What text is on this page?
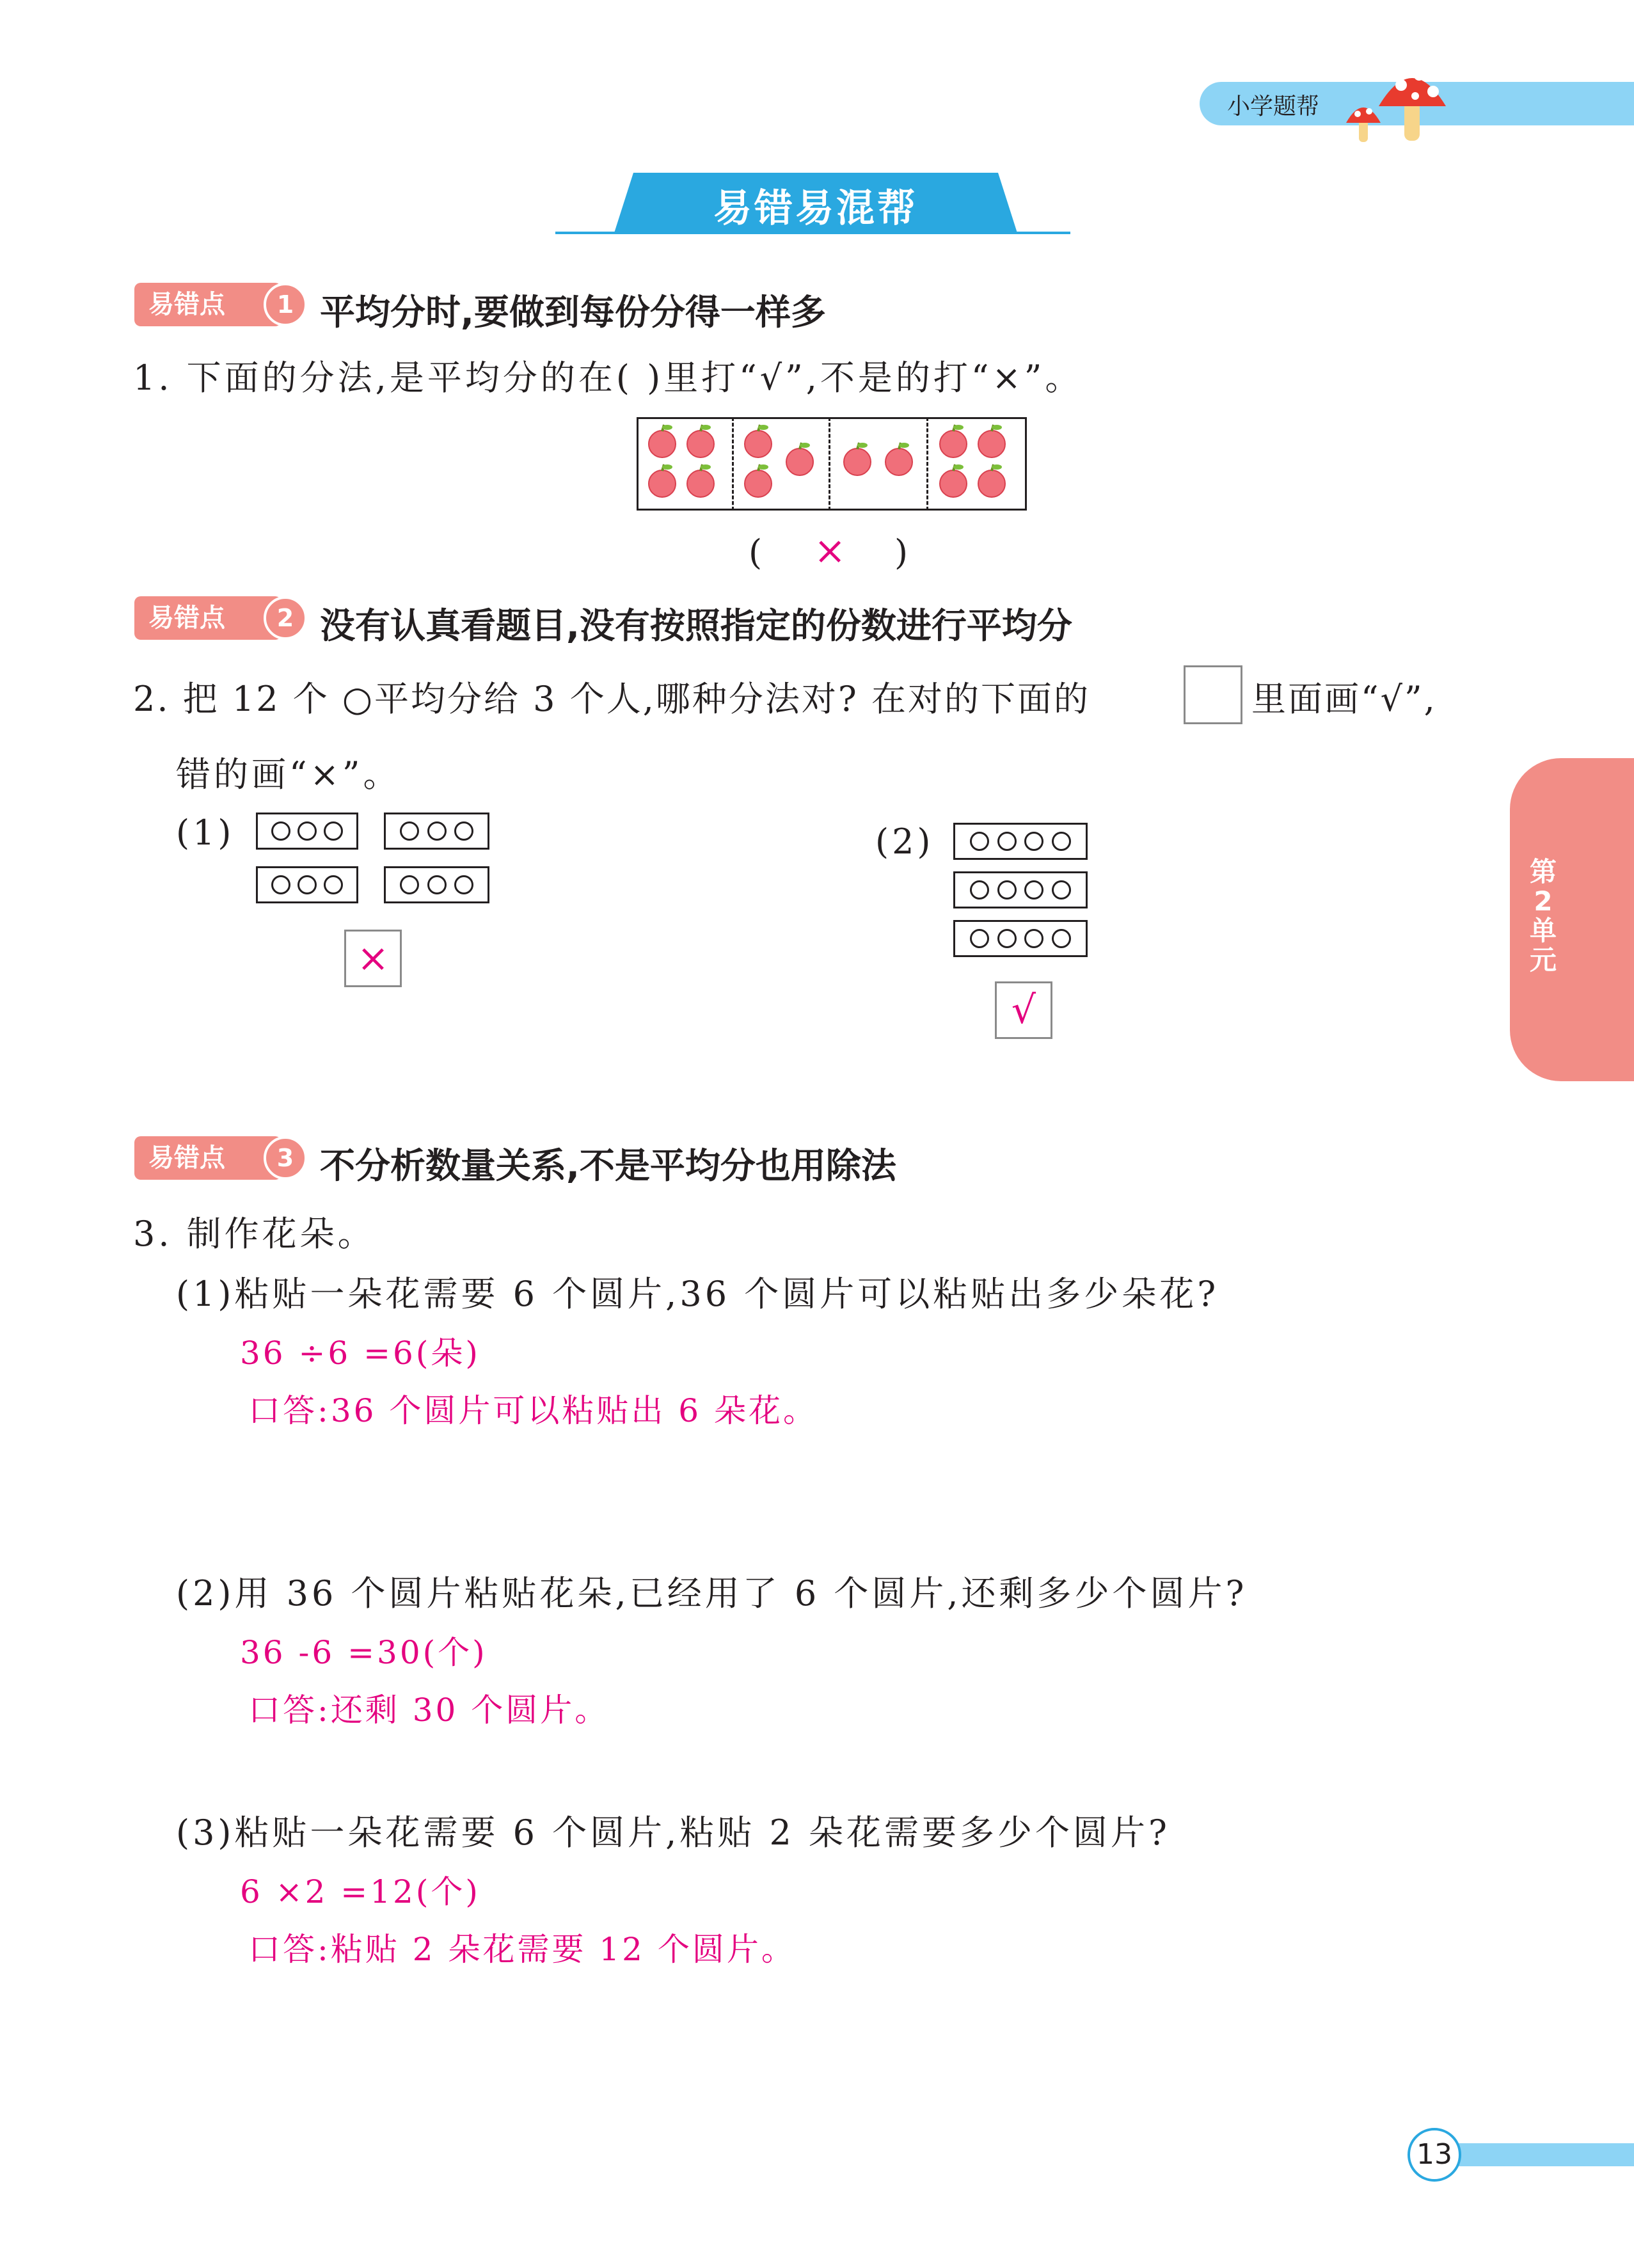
小学题帮
易错易混帮
易错点	1 平均分时,要做到每份分得一样多
1. 下面的分法,是平均分的在( )里打“√”,不是的打“×”。
( × )
易错点	2 没有认真看题目,没有按照指定的份数进行平均分
2. 把 12 个 ○平均分给 3 个人,哪种分法对? 在对的下面的	里面画“√”,
错的画“×”。
(1)
×
(2)
√
易错点	3 不分析数量关系,不是平均分也用除法
3. 制作花朵。
(1)粘贴一朵花需要 6 个圆片,36 个圆片可以粘贴出多少朵花?
36 ÷6 =6(朵)
口答:36 个圆片可以粘贴出 6 朵花。
(2)用 36 个圆片粘贴花朵,已经用了 6 个圆片,还剩多少个圆片?
36 -6 =30(个)
口答:还剩 30 个圆片。
(3)粘贴一朵花需要 6 个圆片,粘贴 2 朵花需要多少个圆片?
6 ×2 =12(个)
口答:粘贴 2 朵花需要 12 个圆片。
第2单元
13
